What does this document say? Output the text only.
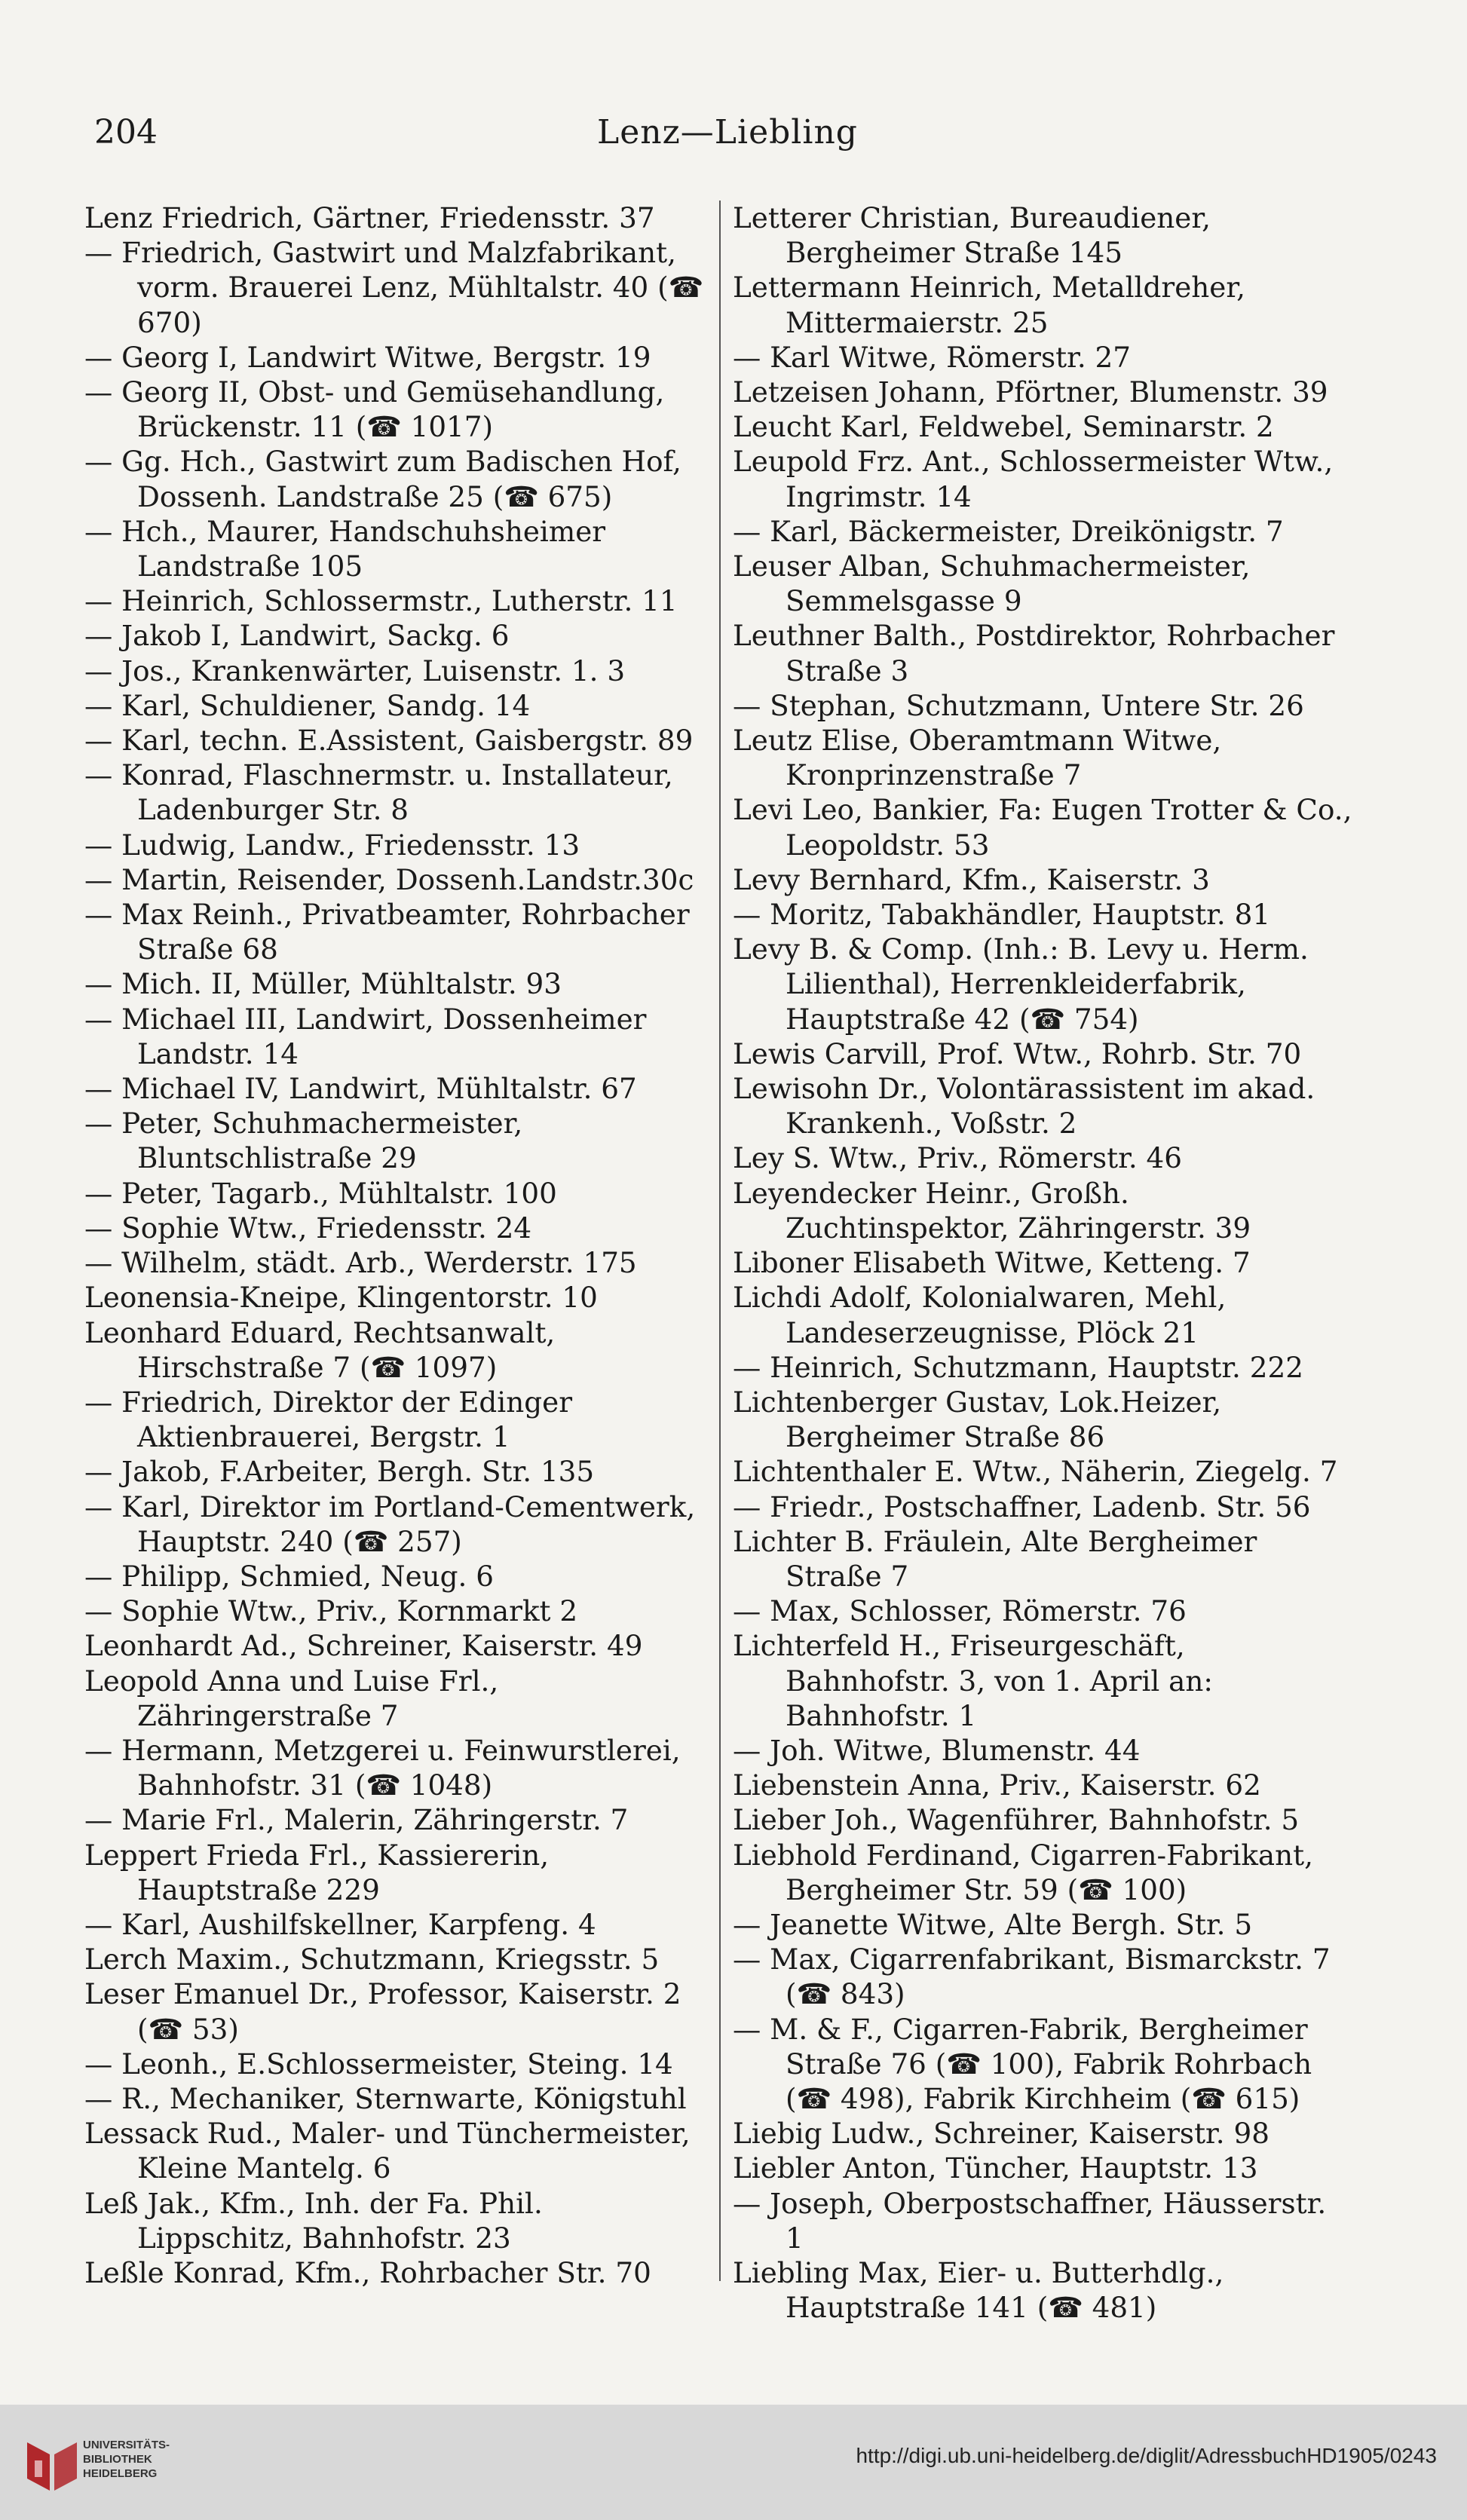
204	Lenz—Liebling

Lenz Friedrich, Gärtner, Friedensstr. 37

— Friedrich, Gastwirt und Malzfabrikant, vorm. Brauerei Lenz, Mühltalstr. 40 (☎ 670)

— Georg I, Landwirt Witwe, Bergstr. 19

— Georg II, Obst- und Gemüsehandlung, Brückenstr. 11 (☎ 1017)

— Gg. Hch., Gastwirt zum Badischen Hof, Dossenh. Landstraße 25 (☎ 675)

— Hch., Maurer, Handschuhsheimer Landstraße 105

— Heinrich, Schlossermstr., Lutherstr. 11

— Jakob I, Landwirt, Sackg. 6

— Jos., Krankenwärter, Luisenstr. 1. 3

— Karl, Schuldiener, Sandg. 14

— Karl, techn. E.Assistent, Gaisbergstr. 89

— Konrad, Flaschnermstr. u. Installateur, Ladenburger Str. 8

— Ludwig, Landw., Friedensstr. 13

— Martin, Reisender, Dossenh.Landstr.30c

— Max Reinh., Privatbeamter, Rohrbacher Straße 68

— Mich. II, Müller, Mühltalstr. 93

— Michael III, Landwirt, Dossenheimer Landstr. 14

— Michael IV, Landwirt, Mühltalstr. 67

— Peter, Schuhmachermeister, Bluntschlistraße 29

— Peter, Tagarb., Mühltalstr. 100

— Sophie Wtw., Friedensstr. 24

— Wilhelm, städt. Arb., Werderstr. 175

Leonensia-Kneipe, Klingentorstr. 10

Leonhard Eduard, Rechtsanwalt, Hirschstraße 7 (☎ 1097)

— Friedrich, Direktor der Edinger Aktienbrauerei, Bergstr. 1

— Jakob, F.Arbeiter, Bergh. Str. 135

— Karl, Direktor im Portland-Cementwerk, Hauptstr. 240 (☎ 257)

— Philipp, Schmied, Neug. 6

— Sophie Wtw., Priv., Kornmarkt 2

Leonhardt Ad., Schreiner, Kaiserstr. 49

Leopold Anna und Luise Frl., Zähringerstraße 7

— Hermann, Metzgerei u. Feinwurstlerei, Bahnhofstr. 31 (☎ 1048)

— Marie Frl., Malerin, Zähringerstr. 7

Leppert Frieda Frl., Kassiererin, Hauptstraße 229

— Karl, Aushilfskellner, Karpfeng. 4

Lerch Maxim., Schutzmann, Kriegsstr. 5

Leser Emanuel Dr., Professor, Kaiserstr. 2 (☎ 53)

— Leonh., E.Schlossermeister, Steing. 14

— R., Mechaniker, Sternwarte, Königstuhl

Lessack Rud., Maler- und Tünchermeister, Kleine Mantelg. 6

Leß Jak., Kfm., Inh. der Fa. Phil. Lippschitz, Bahnhofstr. 23

Leßle Konrad, Kfm., Rohrbacher Str. 70

Letterer Christian, Bureaudiener, Bergheimer Straße 145

Lettermann Heinrich, Metalldreher, Mittermaierstr. 25

— Karl Witwe, Römerstr. 27

Letzeisen Johann, Pförtner, Blumenstr. 39

Leucht Karl, Feldwebel, Seminarstr. 2

Leupold Frz. Ant., Schlossermeister Wtw., Ingrimstr. 14

— Karl, Bäckermeister, Dreikönigstr. 7

Leuser Alban, Schuhmachermeister, Semmelsgasse 9

Leuthner Balth., Postdirektor, Rohrbacher Straße 3

— Stephan, Schutzmann, Untere Str. 26

Leutz Elise, Oberamtmann Witwe, Kronprinzenstraße 7

Levi Leo, Bankier, Fa: Eugen Trotter & Co., Leopoldstr. 53

Levy Bernhard, Kfm., Kaiserstr. 3

— Moritz, Tabakhändler, Hauptstr. 81

Levy B. & Comp. (Inh.: B. Levy u. Herm. Lilienthal), Herrenkleiderfabrik, Hauptstraße 42 (☎ 754)

Lewis Carvill, Prof. Wtw., Rohrb. Str. 70

Lewisohn Dr., Volontärassistent im akad. Krankenh., Voßstr. 2

Ley S. Wtw., Priv., Römerstr. 46

Leyendecker Heinr., Großh. Zuchtinspektor, Zähringerstr. 39

Liboner Elisabeth Witwe, Ketteng. 7

Lichdi Adolf, Kolonialwaren, Mehl, Landeserzeugnisse, Plöck 21

— Heinrich, Schutzmann, Hauptstr. 222

Lichtenberger Gustav, Lok.Heizer, Bergheimer Straße 86

Lichtenthaler E. Wtw., Näherin, Ziegelg. 7

— Friedr., Postschaffner, Ladenb. Str. 56

Lichter B. Fräulein, Alte Bergheimer Straße 7

— Max, Schlosser, Römerstr. 76

Lichterfeld H., Friseurgeschäft, Bahnhofstr. 3, von 1. April an: Bahnhofstr. 1

— Joh. Witwe, Blumenstr. 44

Liebenstein Anna, Priv., Kaiserstr. 62

Lieber Joh., Wagenführer, Bahnhofstr. 5

Liebhold Ferdinand, Cigarren-Fabrikant, Bergheimer Str. 59 (☎ 100)

— Jeanette Witwe, Alte Bergh. Str. 5

— Max, Cigarrenfabrikant, Bismarckstr. 7 (☎ 843)

— M. & F., Cigarren-Fabrik, Bergheimer Straße 76 (☎ 100), Fabrik Rohrbach (☎ 498), Fabrik Kirchheim (☎ 615)

Liebig Ludw., Schreiner, Kaiserstr. 98

Liebler Anton, Tüncher, Hauptstr. 13

— Joseph, Oberpostschaffner, Häusserstr. 1

Liebling Max, Eier- u. Butterhdlg., Hauptstraße 141 (☎ 481)

UNIVERSITÄTS-
BIBLIOTHEK
HEIDELBERG
http://digi.ub.uni-heidelberg.de/diglit/AdressbuchHD1905/0243
